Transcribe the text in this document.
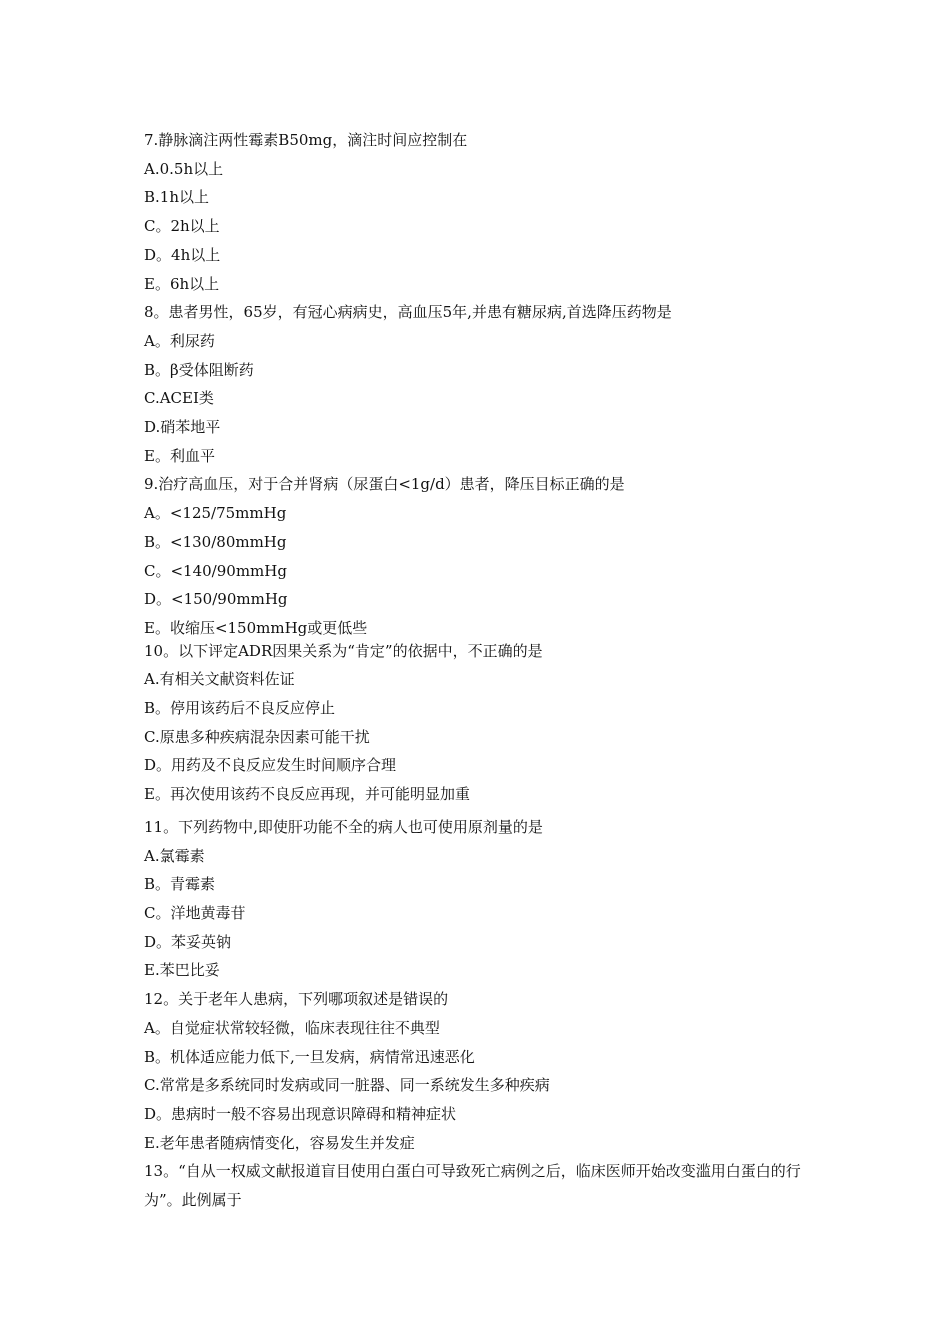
7.静脉滴注两性霉素B50mg，滴注时间应控制在
A.0.5h以上
B.1h以上
C。2h以上
D。4h以上
E。6h以上
8。患者男性，65岁，有冠心病病史，高血压5年,并患有糖尿病,首选降压药物是
A。利尿药
B。β受体阻断药
C.ACEI类
D.硝苯地平
E。利血平
9.治疗高血压，对于合并肾病（尿蛋白<1g/d）患者，降压目标正确的是
A。<125/75mmHg
B。<130/80mmHg
C。<140/90mmHg
D。<150/90mmHg
E。收缩压<150mmHg或更低些
10。以下评定ADR因果关系为“肯定”的依据中，不正确的是
A.有相关文献资料佐证
B。停用该药后不良反应停止
C.原患多种疾病混杂因素可能干扰
D。用药及不良反应发生时间顺序合理
E。再次使用该药不良反应再现，并可能明显加重
11。下列药物中,即使肝功能不全的病人也可使用原剂量的是
A.氯霉素
B。青霉素
C。洋地黄毒苷
D。苯妥英钠
E.苯巴比妥
12。关于老年人患病，下列哪项叙述是错误的
A。自觉症状常较轻微，临床表现往往不典型
B。机体适应能力低下,一旦发病，病情常迅速恶化
C.常常是多系统同时发病或同一脏器、同一系统发生多种疾病
D。患病时一般不容易出现意识障碍和精神症状
E.老年患者随病情变化，容易发生并发症
13。“自从一权威文献报道盲目使用白蛋白可导致死亡病例之后，临床医师开始改变滥用白蛋白的行为”。此例属于
